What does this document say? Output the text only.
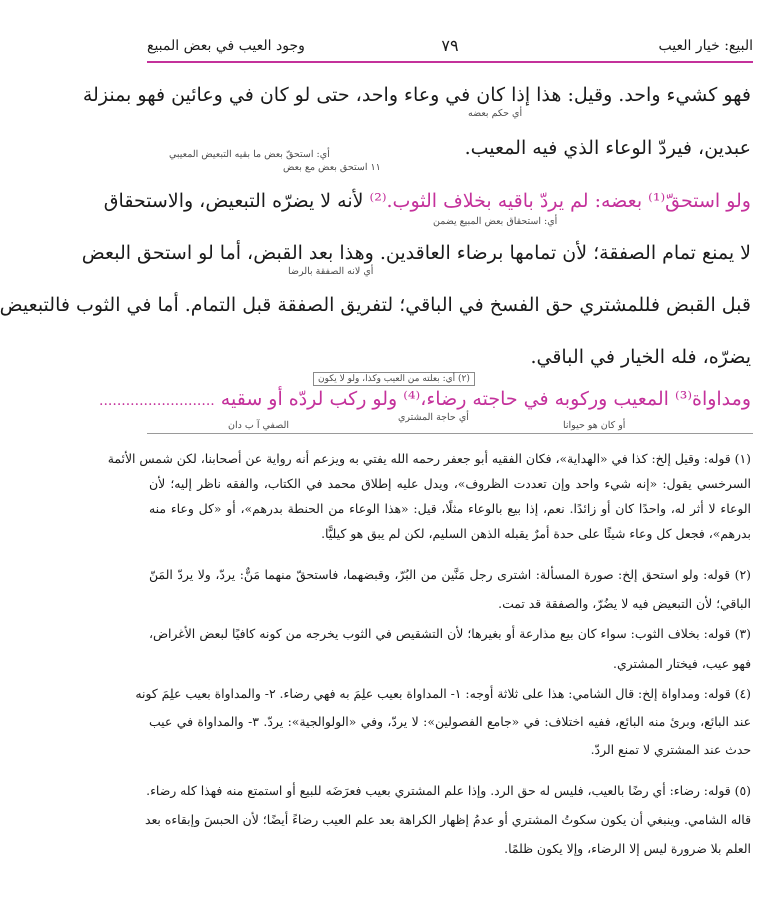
البيع: خيار العيب
٧٩
وجود العيب في بعض المبيع
فهو كشيء واحد. وقيل: هذا إذا كان في وعاء واحد، حتى لو كان في وعائين فهو بمنزلة
أي حكم بعضه
عبدين، فيردّ الوعاء الذي فيه المعيب.
أي: استحقّ بعض ما بقيه التبعيض المعيبي
١١ استحق بعض مع بعض
ولو استحقّ⁽¹⁾ بعضه: لم يردّ باقيه بخلاف الثوب.⁽²⁾ لأنه لا يضرّه التبعيض، والاستحقاق
أي: استحقاق بعض المبيع يضمن
لا يمنع تمام الصفقة؛ لأن تمامها برضاء العاقدين. وهذا بعد القبض، أما لو استحق البعض
أي لانه الصفقة بالرضا
قبل القبض فللمشتري حق الفسخ في الباقي؛ لتفريق الصفقة قبل التمام. أما في الثوب فالتبعيض
يضرّه، فله الخيار في الباقي.
(٢) أي: بعلته من العيب وكذا، ولو لا يكون
ومداواة⁽³⁾ المعيب وركوبه في حاجته رضاء،⁽⁴⁾ ولو ركب لردّه أو سقيه ..........................
أي حاجة المشتري
أو كان هو حيوانا
الصفي آ ب دان
(١) قوله: وقيل إلخ: كذا في «الهداية»، فكان الفقيه أبو جعفر رحمه الله يفتي به ويزعم أنه رواية عن أصحابنا، لكن شمس الأئمة
السرخسي يقول: «إنه شيء واحد وإن تعددت الظروف»، ويدل عليه إطلاق محمد في الكتاب، والفقه ناظر إليه؛ لأن
الوعاء لا أثر له، واحدًا كان أو زائدًا. نعم، إذا بيع بالوعاء مثلًا، قيل: «هذا الوعاء من الحنطة بدرهم»، أو «كل وعاء منه
بدرهم»، فجعل كل وعاء شيئًا على حدة أمرٌ يقبله الذهن السليم، لكن لم يبق هو كيليًّا.
(٢) قوله: ولو استحق إلخ: صورة المسألة: اشترى رجل مَنَّين من البُرّ، وقبضهما، فاستحقّ منهما مَنٌّ: يردّ، ولا يردّ المَنّ
الباقي؛ لأن التبعيض فيه لا يضُرّ، والصفقة قد تمت.
(٣) قوله: بخلاف الثوب: سواء كان بيع مذارعة أو بغيرها؛ لأن التشقيص في الثوب يخرجه من كونه كافيًا لبعض الأغراض،
فهو عيب، فيختار المشتري.
(٤) قوله: ومداواة إلخ: قال الشامي: هذا على ثلاثة أوجه: ١- المداواة بعيب علِمَ به فهي رضاء. ٢- والمداواة بعيب علِمَ كونه
عند البائع، وبرئ منه البائع، ففيه اختلاف: في «جامع الفصولين»: لا يردّ، وفي «الولوالجية»: يردّ. ٣- والمداواة في عيب
حدث عند المشتري لا تمنع الردّ.
(٥) قوله: رضاء: أي رضًا بالعيب، فليس له حق الرد. وإذا علم المشتري بعيب فعرَضَه للبيع أو استمتع منه فهذا كله رضاء.
قاله الشامي. وينبغي أن يكون سكوتُ المشتري أو عدمُ إظهار الكراهة بعد علم العيب رضاءً أيضًا؛ لأن الحبسَ وإبقاءه بعد
العلم بلا ضرورة ليس إلا الرضاء، وإلا يكون ظلمًا.
